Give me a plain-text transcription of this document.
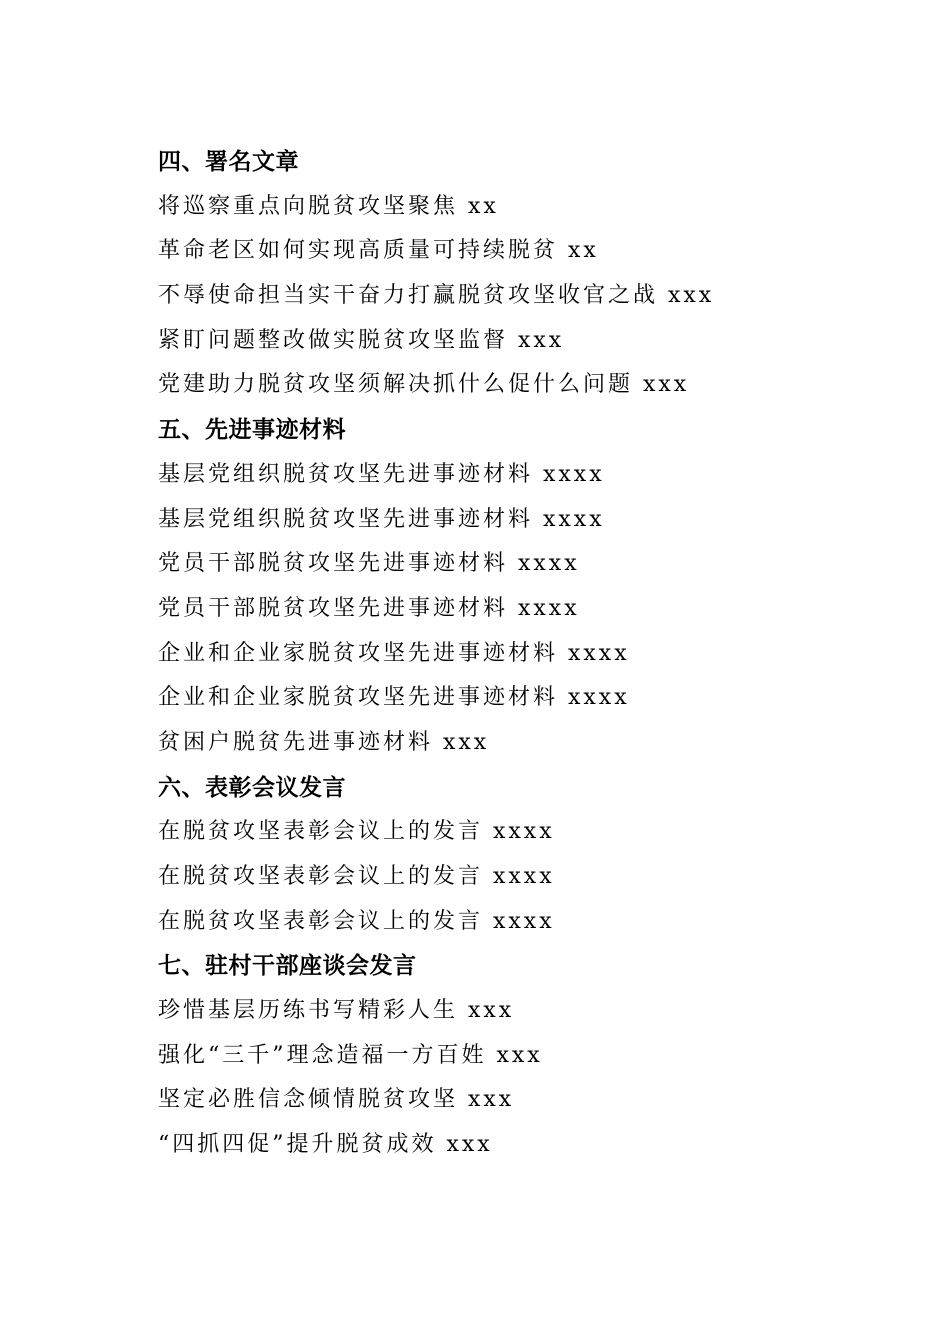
四、署名文章
将巡察重点向脱贫攻坚聚焦 xx
革命老区如何实现高质量可持续脱贫 xx
不辱使命担当实干奋力打赢脱贫攻坚收官之战 xxx
紧盯问题整改做实脱贫攻坚监督 xxx
党建助力脱贫攻坚须解决抓什么促什么问题 xxx
五、先进事迹材料
基层党组织脱贫攻坚先进事迹材料 xxxx
基层党组织脱贫攻坚先进事迹材料 xxxx
党员干部脱贫攻坚先进事迹材料 xxxx
党员干部脱贫攻坚先进事迹材料 xxxx
企业和企业家脱贫攻坚先进事迹材料 xxxx
企业和企业家脱贫攻坚先进事迹材料 xxxx
贫困户脱贫先进事迹材料 xxx
六、表彰会议发言
在脱贫攻坚表彰会议上的发言 xxxx
在脱贫攻坚表彰会议上的发言 xxxx
在脱贫攻坚表彰会议上的发言 xxxx
七、驻村干部座谈会发言
珍惜基层历练书写精彩人生 xxx
强化“三千”理念造福一方百姓 xxx
坚定必胜信念倾情脱贫攻坚 xxx
“四抓四促”提升脱贫成效 xxx
